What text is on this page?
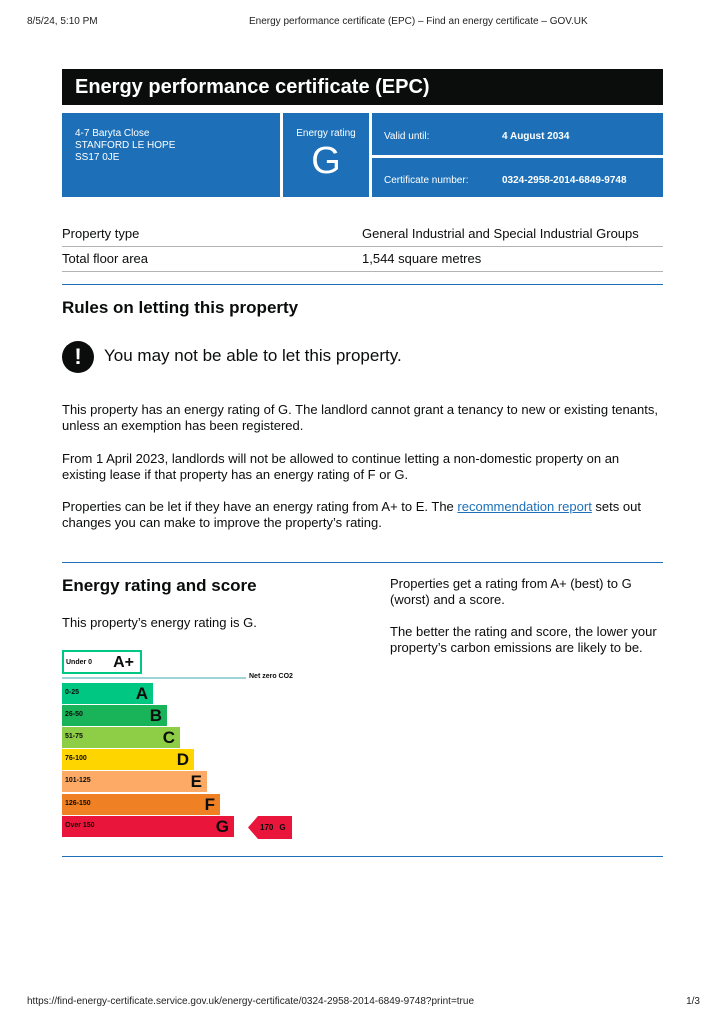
8/5/24, 5:10 PM	Energy performance certificate (EPC) – Find an energy certificate – GOV.UK
Energy performance certificate (EPC)
4-7 Baryta Close
STANFORD LE HOPE
SS17 0JE
Energy rating
G
Valid until:	4 August 2034
Certificate number:	0324-2958-2014-6849-9748
Property type	General Industrial and Special Industrial Groups
Total floor area	1,544 square metres
Rules on letting this property
!	You may not be able to let this property.
This property has an energy rating of G. The landlord cannot grant a tenancy to new or existing tenants, unless an exemption has been registered.
From 1 April 2023, landlords will not be allowed to continue letting a non-domestic property on an existing lease if that property has an energy rating of F or G.
Properties can be let if they have an energy rating from A+ to E. The recommendation report sets out changes you can make to improve the property’s rating.
Energy rating and score
This property’s energy rating is G.
Properties get a rating from A+ (best) to G (worst) and a score.
The better the rating and score, the lower your property’s carbon emissions are likely to be.
Under 0 A+
Net zero CO2
0-25	A
26-50	B
51-75	C
76-100	D
101-125	E
126-150	F
Over 150	G	170 G
https://find-energy-certificate.service.gov.uk/energy-certificate/0324-2958-2014-6849-9748?print=true	1/3
